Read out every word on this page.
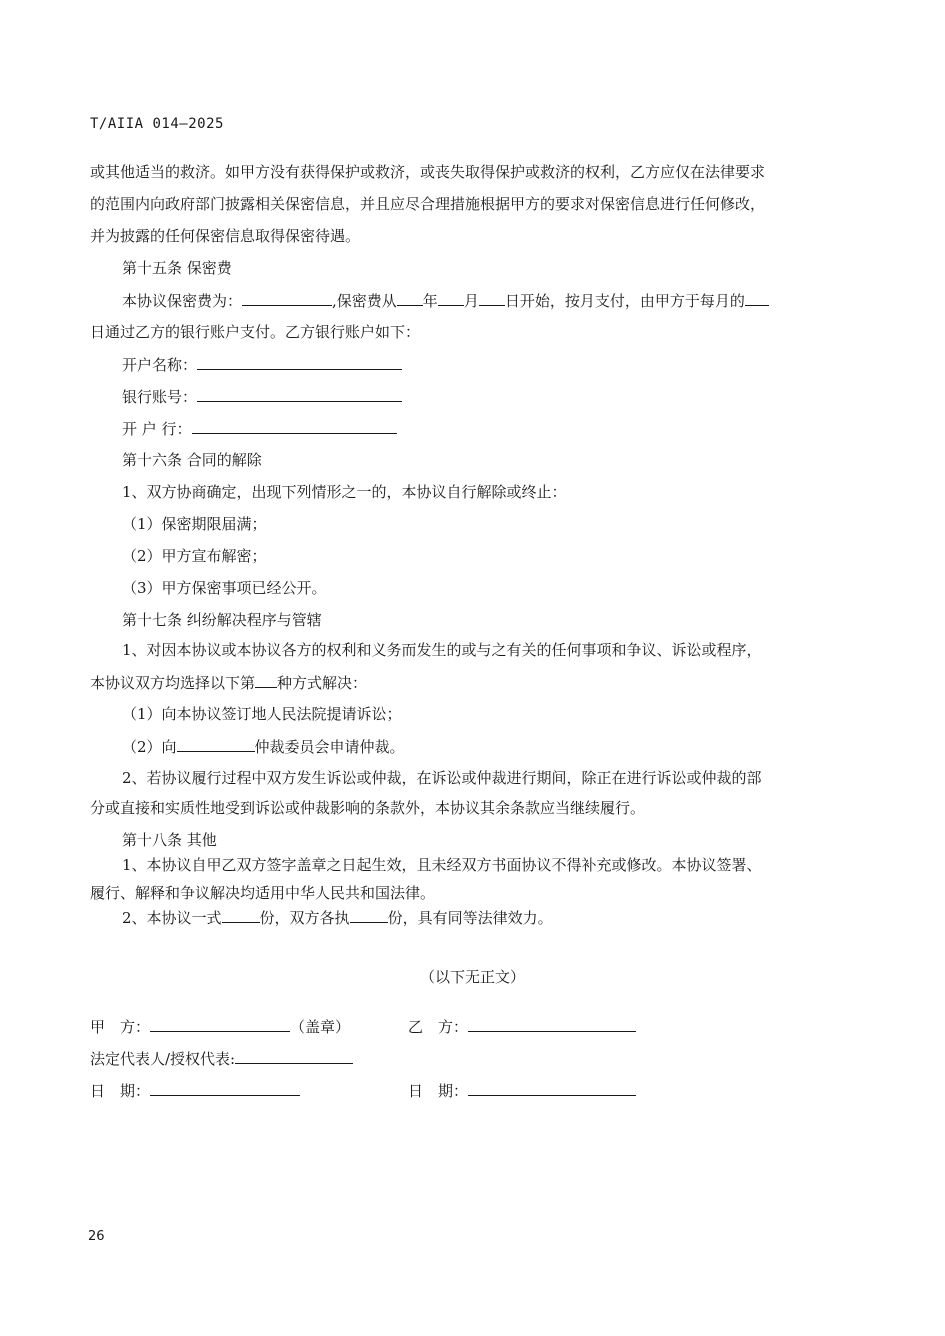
T/AIIA 014—2025
或其他适当的救济。如甲方没有获得保护或救济，或丧失取得保护或救济的权利，乙方应仅在法律要求
的范围内向政府部门披露相关保密信息，并且应尽合理措施根据甲方的要求对保密信息进行任何修改，
并为披露的任何保密信息取得保密待遇。
第十五条 保密费
本协议保密费为：	,保密费从 年 月 日开始，按月支付，由甲方于每月的
日通过乙方的银行账户支付。乙方银行账户如下：
开户名称：
银行账号：
开 户 行：
第十六条 合同的解除
1、双方协商确定，出现下列情形之一的，本协议自行解除或终止：
（1）保密期限届满；
（2）甲方宣布解密；
（3）甲方保密事项已经公开。
第十七条 纠纷解决程序与管辖
1、对因本协议或本协议各方的权利和义务而发生的或与之有关的任何事项和争议、诉讼或程序，
本协议双方均选择以下第 种方式解决：
（1）向本协议签订地人民法院提请诉讼；
（2）向	仲裁委员会申请仲裁。
2、若协议履行过程中双方发生诉讼或仲裁，在诉讼或仲裁进行期间，除正在进行诉讼或仲裁的部
分或直接和实质性地受到诉讼或仲裁影响的条款外，本协议其余条款应当继续履行。
第十八条 其他
1、本协议自甲乙双方签字盖章之日起生效，且未经双方书面协议不得补充或修改。本协议签署、
履行、解释和争议解决均适用中华人民共和国法律。
2、本协议一式	份，双方各执	份，具有同等法律效力。
（以下无正文）
甲　方：	（盖章）	乙　方：
法定代表人/授权代表:
日　期：	日　期：
26
